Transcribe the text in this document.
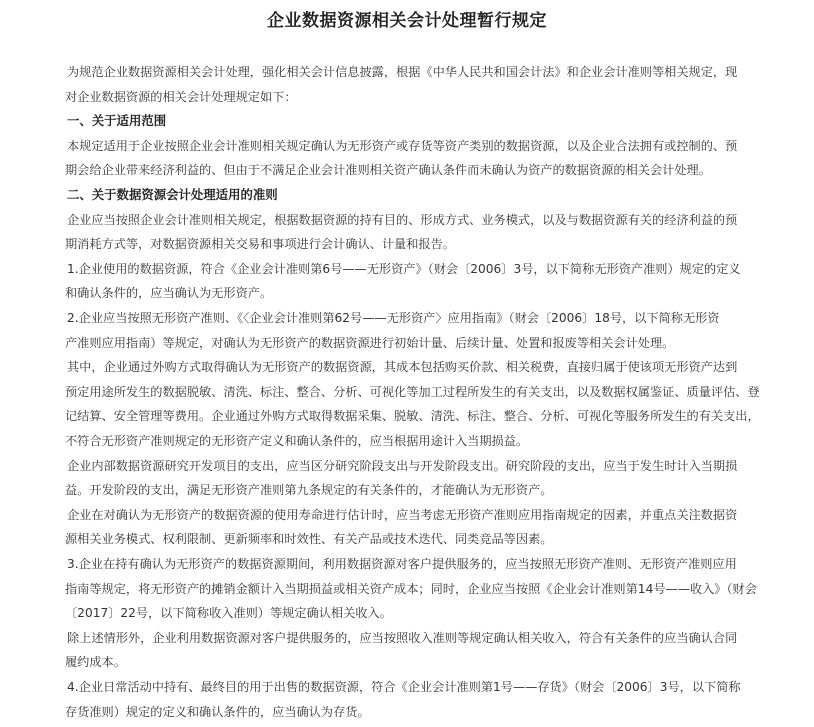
企业数据资源相关会计处理暂行规定
为规范企业数据资源相关会计处理，强化相关会计信息披露，根据《中华人民共和国会计法》和企业会计准则等相关规定，现
对企业数据资源的相关会计处理规定如下：
一、关于适用范围
本规定适用于企业按照企业会计准则相关规定确认为无形资产或存货等资产类别的数据资源，以及企业合法拥有或控制的、预
期会给企业带来经济利益的、但由于不满足企业会计准则相关资产确认条件而未确认为资产的数据资源的相关会计处理。
二、关于数据资源会计处理适用的准则
企业应当按照企业会计准则相关规定，根据数据资源的持有目的、形成方式、业务模式，以及与数据资源有关的经济利益的预
期消耗方式等，对数据资源相关交易和事项进行会计确认、计量和报告。
1.企业使用的数据资源，符合《企业会计准则第6号——无形资产》（财会〔2006〕3号，以下简称无形资产准则）规定的定义
和确认条件的，应当确认为无形资产。
2.企业应当按照无形资产准则、《〈企业会计准则第62号——无形资产〉应用指南》（财会〔2006〕18号，以下简称无形资
产准则应用指南）等规定，对确认为无形资产的数据资源进行初始计量、后续计量、处置和报废等相关会计处理。
其中，企业通过外购方式取得确认为无形资产的数据资源，其成本包括购买价款、相关税费，直接归属于使该项无形资产达到
预定用途所发生的数据脱敏、清洗、标注、整合、分析、可视化等加工过程所发生的有关支出，以及数据权属鉴证、质量评估、登
记结算、安全管理等费用。企业通过外购方式取得数据采集、脱敏、清洗、标注、整合、分析、可视化等服务所发生的有关支出，
不符合无形资产准则规定的无形资产定义和确认条件的，应当根据用途计入当期损益。
企业内部数据资源研究开发项目的支出，应当区分研究阶段支出与开发阶段支出。研究阶段的支出，应当于发生时计入当期损
益。开发阶段的支出，满足无形资产准则第九条规定的有关条件的，才能确认为无形资产。
企业在对确认为无形资产的数据资源的使用寿命进行估计时，应当考虑无形资产准则应用指南规定的因素，并重点关注数据资
源相关业务模式、权利限制、更新频率和时效性、有关产品或技术迭代、同类竞品等因素。
3.企业在持有确认为无形资产的数据资源期间，利用数据资源对客户提供服务的，应当按照无形资产准则、无形资产准则应用
指南等规定，将无形资产的摊销金额计入当期损益或相关资产成本；同时，企业应当按照《企业会计准则第14号——收入》（财会
〔2017〕22号，以下简称收入准则）等规定确认相关收入。
除上述情形外，企业利用数据资源对客户提供服务的，应当按照收入准则等规定确认相关收入，符合有关条件的应当确认合同
履约成本。
4.企业日常活动中持有、最终目的用于出售的数据资源，符合《企业会计准则第1号——存货》（财会〔2006〕3号，以下简称
存货准则）规定的定义和确认条件的，应当确认为存货。
